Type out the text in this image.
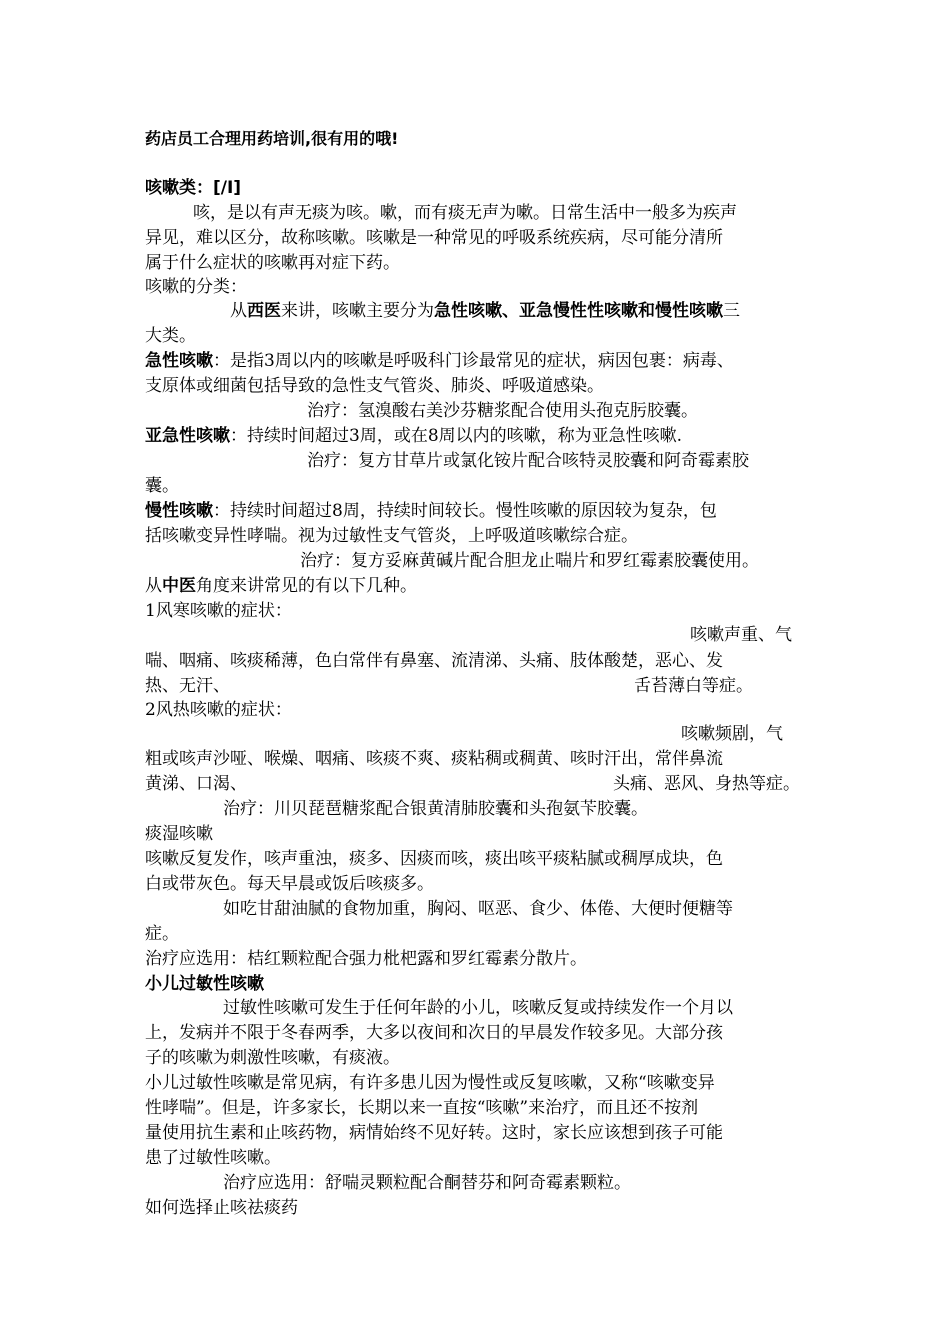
药店员工合理用药培训,很有用的哦!
咳嗽类：[/I]
咳，是以有声无痰为咳。嗽，而有痰无声为嗽。日常生活中一般多为疾声
异见，难以区分，故称咳嗽。咳嗽是一种常见的呼吸系统疾病，尽可能分清所
属于什么症状的咳嗽再对症下药。
咳嗽的分类：
从西医来讲，咳嗽主要分为急性咳嗽、亚急慢性性咳嗽和慢性咳嗽三
大类。
急性咳嗽：是指3周以内的咳嗽是呼吸科门诊最常见的症状，病因包裹：病毒、
支原体或细菌包括导致的急性支气管炎、肺炎、呼吸道感染。
治疗：氢溴酸右美沙芬糖浆配合使用头孢克肟胶囊。
亚急性咳嗽：持续时间超过3周，或在8周以内的咳嗽，称为亚急性咳嗽.
治疗：复方甘草片或氯化铵片配合咳特灵胶囊和阿奇霉素胶
囊。
慢性咳嗽：持续时间超过8周，持续时间较长。慢性咳嗽的原因较为复杂，包
括咳嗽变异性哮喘。视为过敏性支气管炎，上呼吸道咳嗽综合症。
治疗：复方妥麻黄碱片配合胆龙止喘片和罗红霉素胶囊使用。
从中医角度来讲常见的有以下几种。
1风寒咳嗽的症状：
咳嗽声重、气
喘、咽痛、咳痰稀薄，色白常伴有鼻塞、流清涕、头痛、肢体酸楚，恶心、发
热、无汗、	舌苔薄白等症。
2风热咳嗽的症状：
咳嗽频剧，气
粗或咳声沙哑、喉燥、咽痛、咳痰不爽、痰粘稠或稠黄、咳时汗出，常伴鼻流
黄涕、口渴、	头痛、恶风、身热等症。
治疗：川贝琵琶糖浆配合银黄清肺胶囊和头孢氨苄胶囊。
痰湿咳嗽
咳嗽反复发作，咳声重浊，痰多、因痰而咳，痰出咳平痰粘腻或稠厚成块，色
白或带灰色。每天早晨或饭后咳痰多。
如吃甘甜油腻的食物加重，胸闷、呕恶、食少、体倦、大便时便糖等
症。
治疗应选用：桔红颗粒配合强力枇杷露和罗红霉素分散片。
小儿过敏性咳嗽
过敏性咳嗽可发生于任何年龄的小儿，咳嗽反复或持续发作一个月以
上，发病并不限于冬春两季，大多以夜间和次日的早晨发作较多见。大部分孩
子的咳嗽为刺激性咳嗽，有痰液。
小儿过敏性咳嗽是常见病，有许多患儿因为慢性或反复咳嗽，又称“咳嗽变异
性哮喘”。但是，许多家长，长期以来一直按“咳嗽”来治疗，而且还不按剂
量使用抗生素和止咳药物，病情始终不见好转。这时，家长应该想到孩子可能
患了过敏性咳嗽。
治疗应选用：舒喘灵颗粒配合酮替芬和阿奇霉素颗粒。
如何选择止咳祛痰药
